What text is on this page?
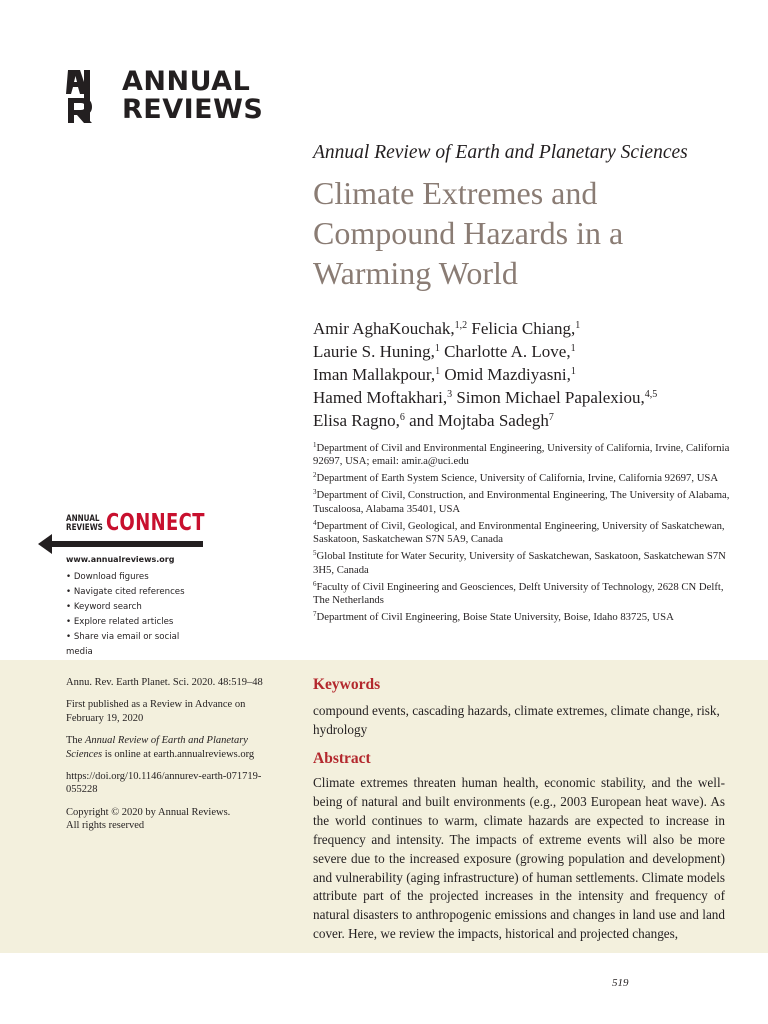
ANNUAL
REVIEWS
Annual Review of Earth and Planetary Sciences
Climate Extremes and Compound Hazards in a Warming World
Amir AghaKouchak,$^{1,2}$ Felicia Chiang,$^1$
Laurie S. Huning,$^1$ Charlotte A. Love,$^1$
Iman Mallakpour,$^1$ Omid Mazdiyasni,$^1$
Hamed Moftakhari,$^3$ Simon Michael Papalexiou,$^{4,5}$
Elisa Ragno,$^6$ and Mojtaba Sadegh$^7$
$^1$Department of Civil and Environmental Engineering, University of California, Irvine, California 92697, USA; email: amir.a@uci.edu
$^2$Department of Earth System Science, University of California, Irvine, California 92697, USA
$^3$Department of Civil, Construction, and Environmental Engineering, The University of Alabama, Tuscaloosa, Alabama 35401, USA
$^4$Department of Civil, Geological, and Environmental Engineering, University of Saskatchewan, Saskatoon, Saskatchewan S7N 5A9, Canada
$^5$Global Institute for Water Security, University of Saskatchewan, Saskatoon, Saskatchewan S7N 3H5, Canada
$^6$Faculty of Civil Engineering and Geosciences, Delft University of Technology, 2628 CN Delft, The Netherlands
$^7$Department of Civil Engineering, Boise State University, Boise, Idaho 83725, USA
ANNUAL
REVIEWS CONNECT
www.annualreviews.org
• Download figures
• Navigate cited references
• Keyword search
• Explore related articles
• Share via email or social media
Annu. Rev. Earth Planet. Sci. 2020. 48:519–48
First published as a Review in Advance on February 19, 2020
The Annual Review of Earth and Planetary Sciences is online at earth.annualreviews.org
https://doi.org/10.1146/annurev-earth-071719-055228
Copyright © 2020 by Annual Reviews.
All rights reserved
Keywords
compound events, cascading hazards, climate extremes, climate change, risk, hydrology
Abstract
Climate extremes threaten human health, economic stability, and the well-being of natural and built environments (e.g., 2003 European heat wave). As the world continues to warm, climate hazards are expected to increase in frequency and intensity. The impacts of extreme events will also be more severe due to the increased exposure (growing population and development) and vulnerability (aging infrastructure) of human settlements. Climate models attribute part of the projected increases in the intensity and frequency of natural disasters to anthropogenic emissions and changes in land use and land cover. Here, we review the impacts, historical and projected changes,
519
